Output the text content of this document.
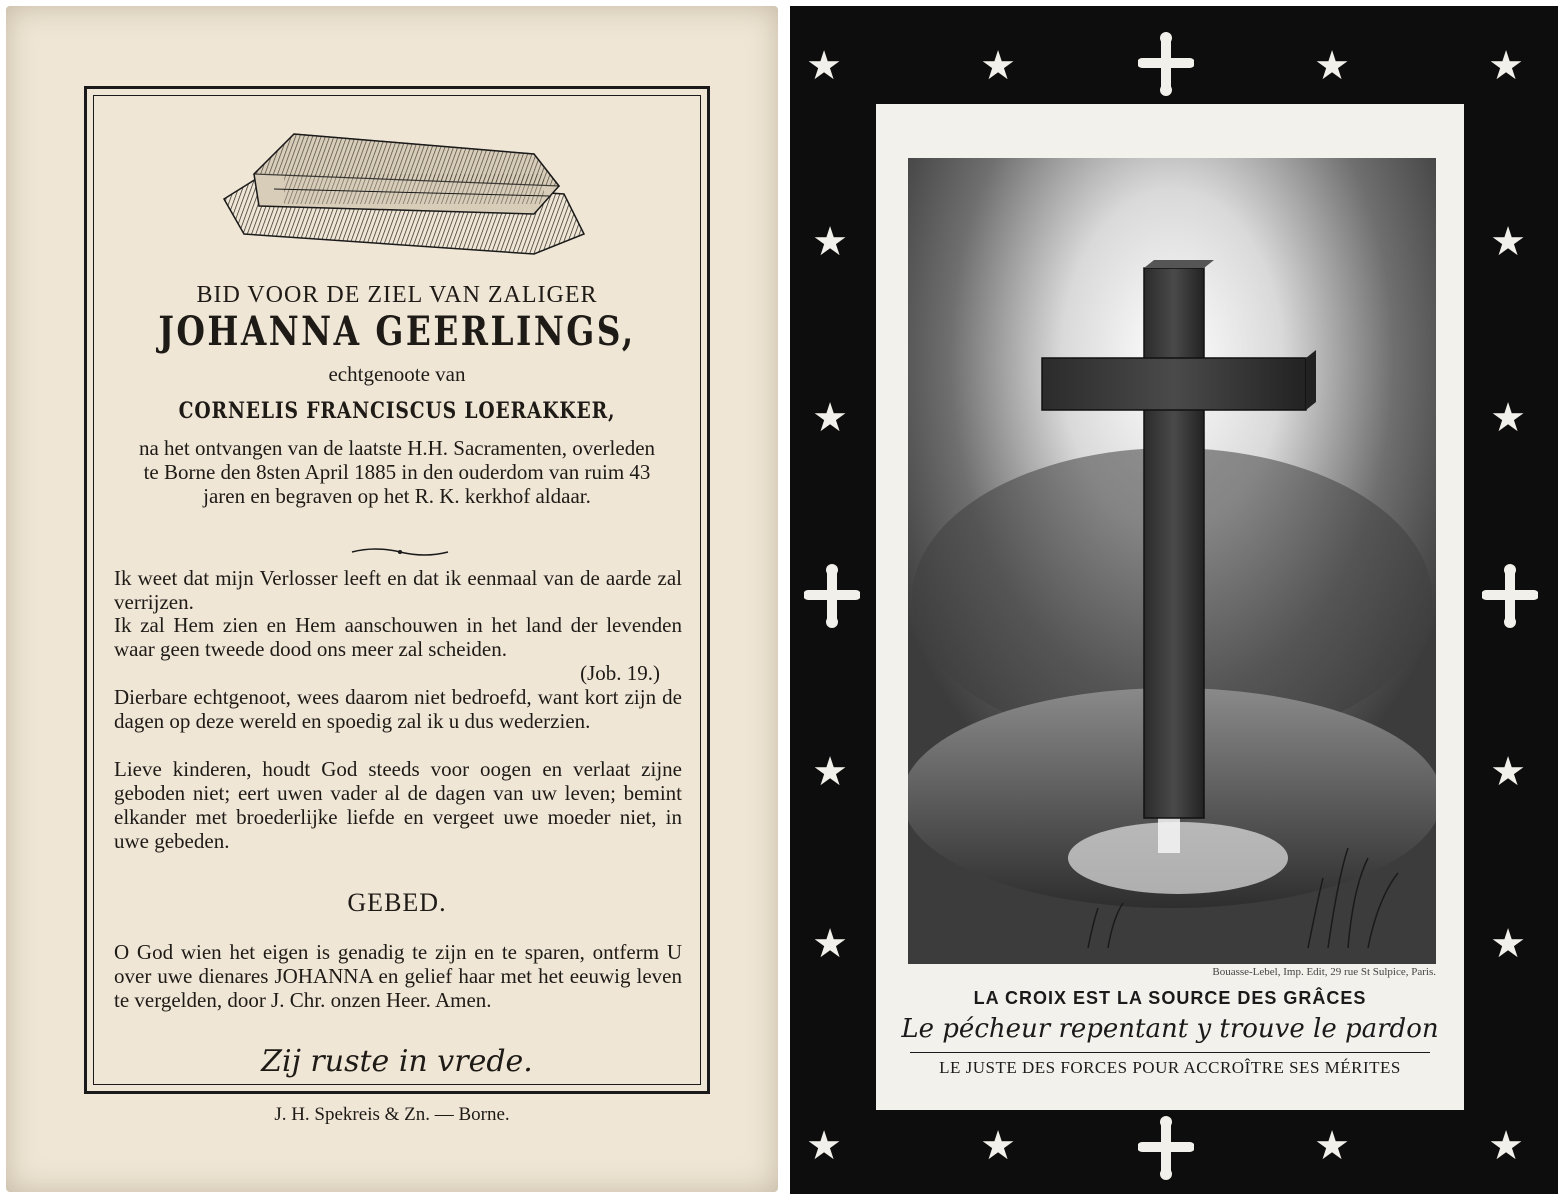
BID VOOR DE ZIEL VAN ZALIGER
JOHANNA GEERLINGS,
echtgenoote van
CORNELIS FRANCISCUS LOERAKKER,
na het ontvangen van de laatste H.H. Sacramenten, overleden te Borne den 8sten April 1885 in den ouderdom van ruim 43 jaren en begraven op het R. K. kerkhof aldaar.
Ik weet dat mijn Verlosser leeft en dat ik eenmaal van de aarde zal verrijzen.
Ik zal Hem zien en Hem aanschouwen in het land der levenden waar geen tweede dood ons meer zal scheiden.
(Job. 19.)
Dierbare echtgenoot, wees daarom niet bedroefd, want kort zijn de dagen op deze wereld en spoedig zal ik u dus wederzien.
Lieve kinderen, houdt God steeds voor oogen en verlaat zijne geboden niet; eert uwen vader al de dagen van uw leven; bemint elkander met broederlijke liefde en vergeet uwe moeder niet, in uwe gebeden.
GEBED.
O God wien het eigen is genadig te zijn en te sparen, ontferm U over uwe dienares JOHANNA en gelief haar met het eeuwig leven te vergelden, door J. Chr. onzen Heer. Amen.
Zij ruste in vrede.
J. H. Spekreis & Zn. — Borne.
★	★	★	★
★
★
★
★
★
★
★
★
★	★	★	★
Bouasse-Lebel, Imp. Edit, 29 rue St Sulpice, Paris.
LA CROIX EST LA SOURCE DES GRÂCES
Le pécheur repentant y trouve le pardon
LE JUSTE DES FORCES POUR ACCROÎTRE SES MÉRITES
